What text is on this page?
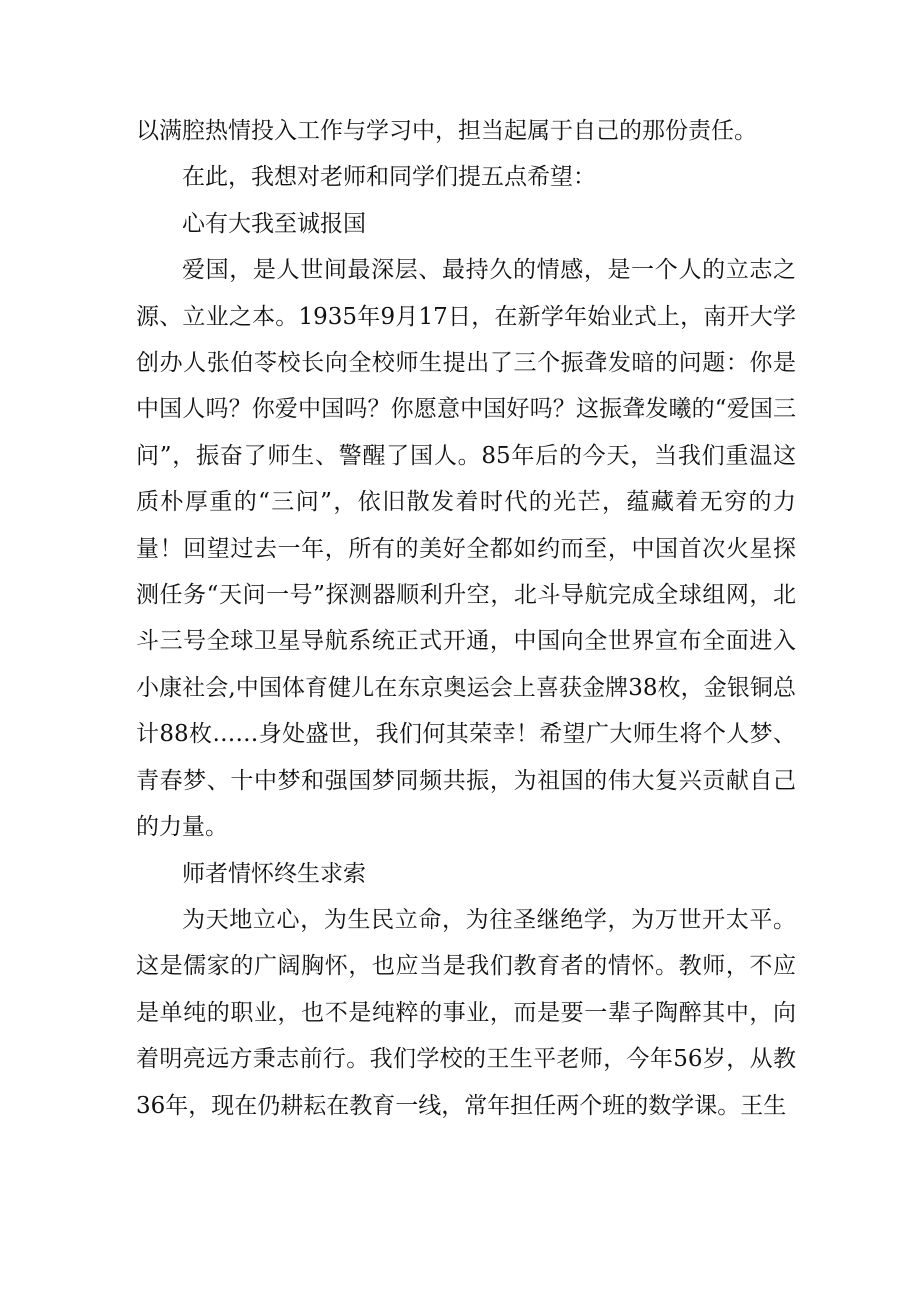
以满腔热情投入工作与学习中，担当起属于自己的那份责任。

在此，我想对老师和同学们提五点希望：

心有大我至诚报国

爱国，是人世间最深层、最持久的情感，是一个人的立志之源、立业之本。1935年9月17日，在新学年始业式上，南开大学创办人张伯苓校长向全校师生提出了三个振聋发暗的问题：你是中国人吗？你爱中国吗？你愿意中国好吗？这振聋发曦的“爱国三问”，振奋了师生、警醒了国人。85年后的今天，当我们重温这质朴厚重的“三问”，依旧散发着时代的光芒，蕴藏着无穷的力量！回望过去一年，所有的美好全都如约而至，中国首次火星探测任务“天问一号”探测器顺利升空，北斗导航完成全球组网，北斗三号全球卫星导航系统正式开通，中国向全世界宣布全面进入小康社会,中国体育健儿在东京奥运会上喜获金牌38枚，金银铜总计88枚……身处盛世，我们何其荣幸！希望广大师生将个人梦、青春梦、十中梦和强国梦同频共振，为祖国的伟大复兴贡献自己的力量。

师者情怀终生求索

为天地立心，为生民立命，为往圣继绝学，为万世开太平。这是儒家的广阔胸怀，也应当是我们教育者的情怀。教师，不应是单纯的职业，也不是纯粹的事业，而是要一辈子陶醉其中，向着明亮远方秉志前行。我们学校的王生平老师，今年56岁，从教36年，现在仍耕耘在教育一线，常年担任两个班的数学课。王生
